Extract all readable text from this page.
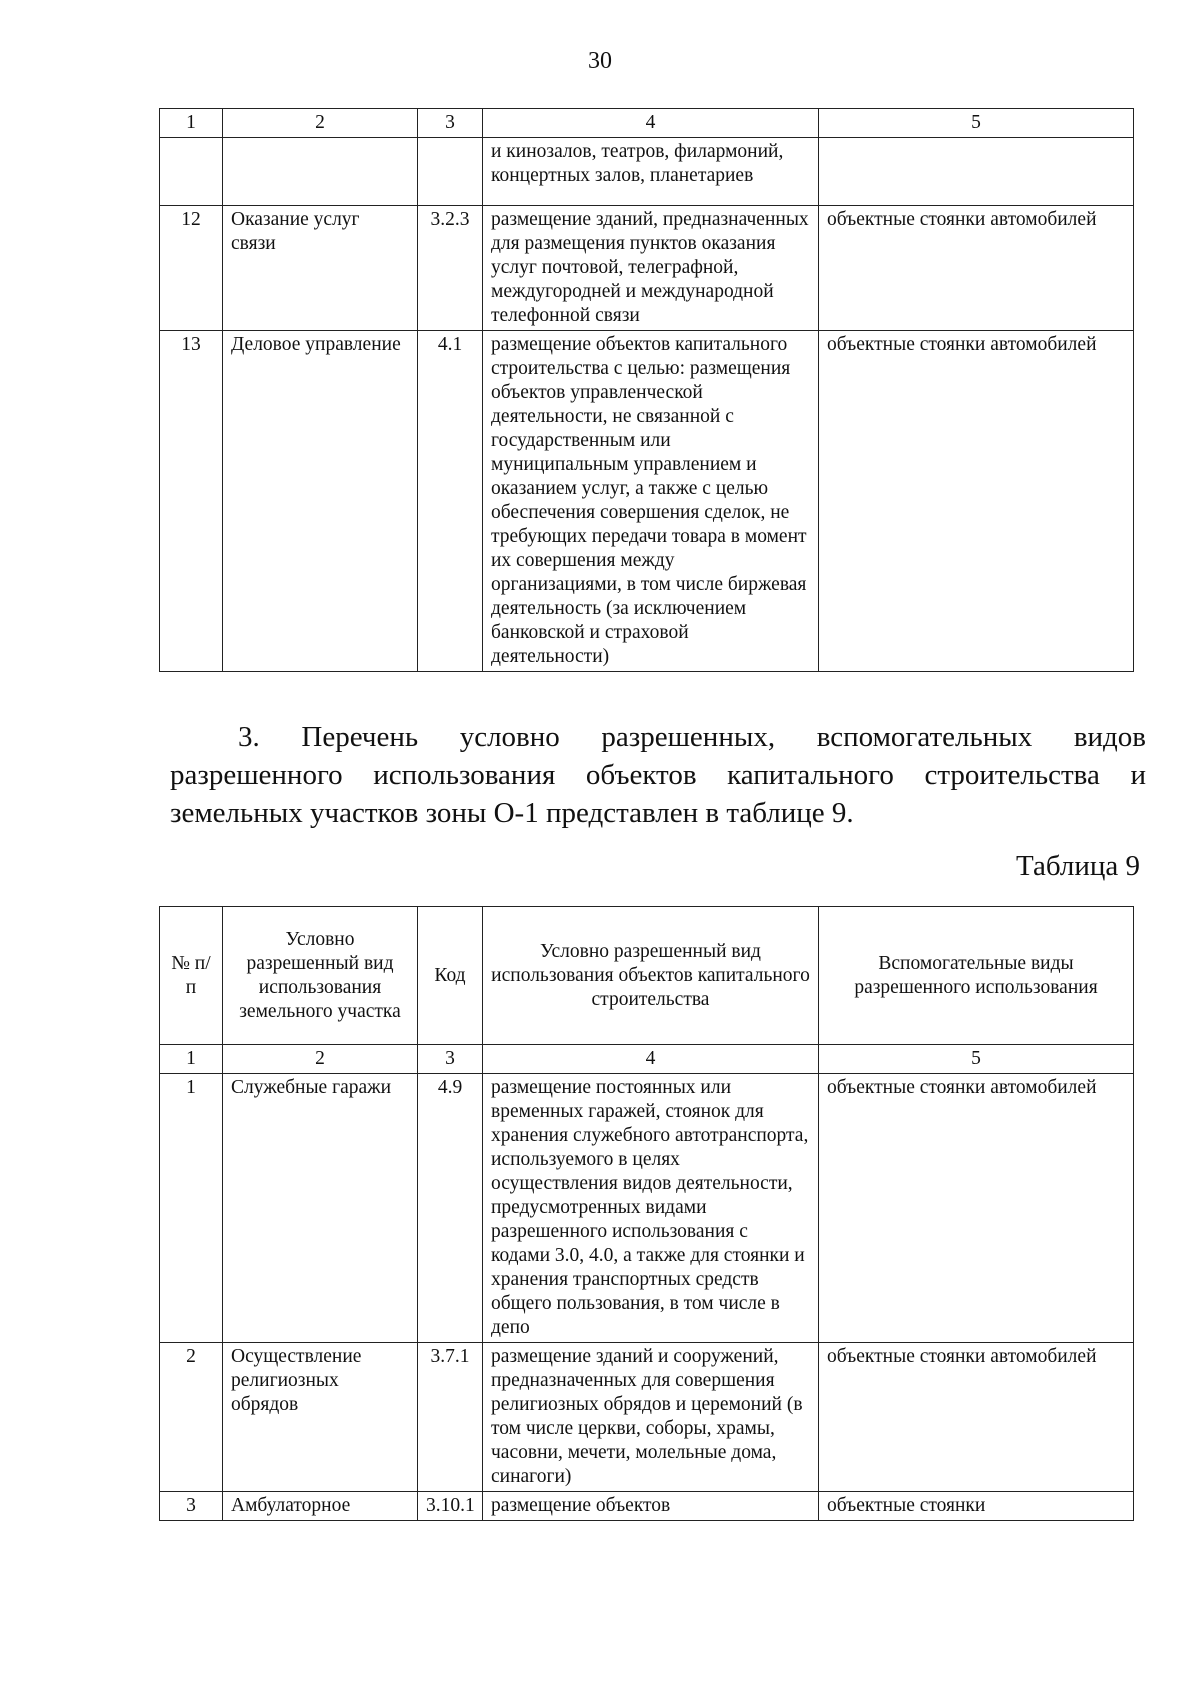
30
1	2	3	4	5
			и кинозалов, театров, филармоний, концертных залов, планетариев	
12	Оказание услуг связи	3.2.3	размещение зданий, предназначенных для размещения пунктов оказания услуг почтовой, телеграфной, междугородней и международной телефонной связи	объектные стоянки автомобилей
13	Деловое управление	4.1	размещение объектов капитального строительства с целью: размещения объектов управленческой деятельности, не связанной с государственным или муниципальным управлением и оказанием услуг, а также с целью обеспечения совершения сделок, не требующих передачи товара в момент их совершения между организациями, в том числе биржевая деятельность (за исключением банковской и страховой деятельности)	объектные стоянки автомобилей

3. Перечень условно разрешенных, вспомогательных видов разрешенного использования объектов капитального строительства и земельных участков зоны О-1 представлен в таблице 9.

Таблица 9
№ п/п	Условно разрешенный вид использования земельного участка	Код	Условно разрешенный вид использования объектов капитального строительства	Вспомогательные виды разрешенного использования
1	2	3	4	5
1	Служебные гаражи	4.9	размещение постоянных или временных гаражей, стоянок для хранения служебного автотранспорта, используемого в целях осуществления видов деятельности, предусмотренных видами разрешенного использования с кодами 3.0, 4.0, а также для стоянки и хранения транспортных средств общего пользования, в том числе в депо	объектные стоянки автомобилей
2	Осуществление религиозных обрядов	3.7.1	размещение зданий и сооружений, предназначенных для совершения религиозных обрядов и церемоний (в том числе церкви, соборы, храмы, часовни, мечети, молельные дома, синагоги)	объектные стоянки автомобилей
3	Амбулаторное	3.10.1	размещение объектов	объектные стоянки
